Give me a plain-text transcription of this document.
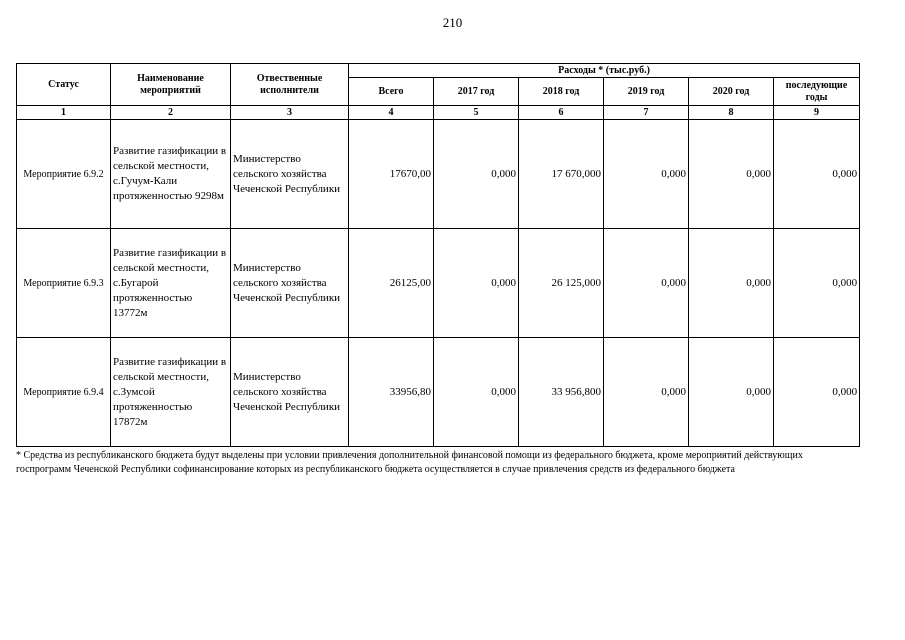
210
Статус	Наименование мероприятий	Отвественные исполнители	Расходы * (тыс.руб.)					
			Всего	2017 год	2018 год	2019 год	2020 год	последующие годы
1	2	3	4	5	6	7	8	9
Мероприятие 6.9.2	Развитие газификации в сельской местности, с.Гучум-Кали протяженностью 9298м	Министерство сельского хозяйства Чеченской Республики	17670,00	0,000	17 670,000	0,000	0,000	0,000
Мероприятие 6.9.3	Развитие газификации в сельской местности, с.Бугарой протяженностью 13772м	Министерство сельского хозяйства Чеченской Республики	26125,00	0,000	26 125,000	0,000	0,000	0,000
Мероприятие 6.9.4	Развитие газификации в сельской местности, с.Зумсой протяженностью 17872м	Министерство сельского хозяйства Чеченской Республики	33956,80	0,000	33 956,800	0,000	0,000	0,000
* Средства из республиканского бюджета будут выделены при условии привлечения дополнительной финансовой помощи из федерального бюджета, кроме мероприятий действующих госпрограмм Чеченской Республики софинансирование которых из республиканского бюджета осуществляется в случае привлечения средств из федерального бюджета
